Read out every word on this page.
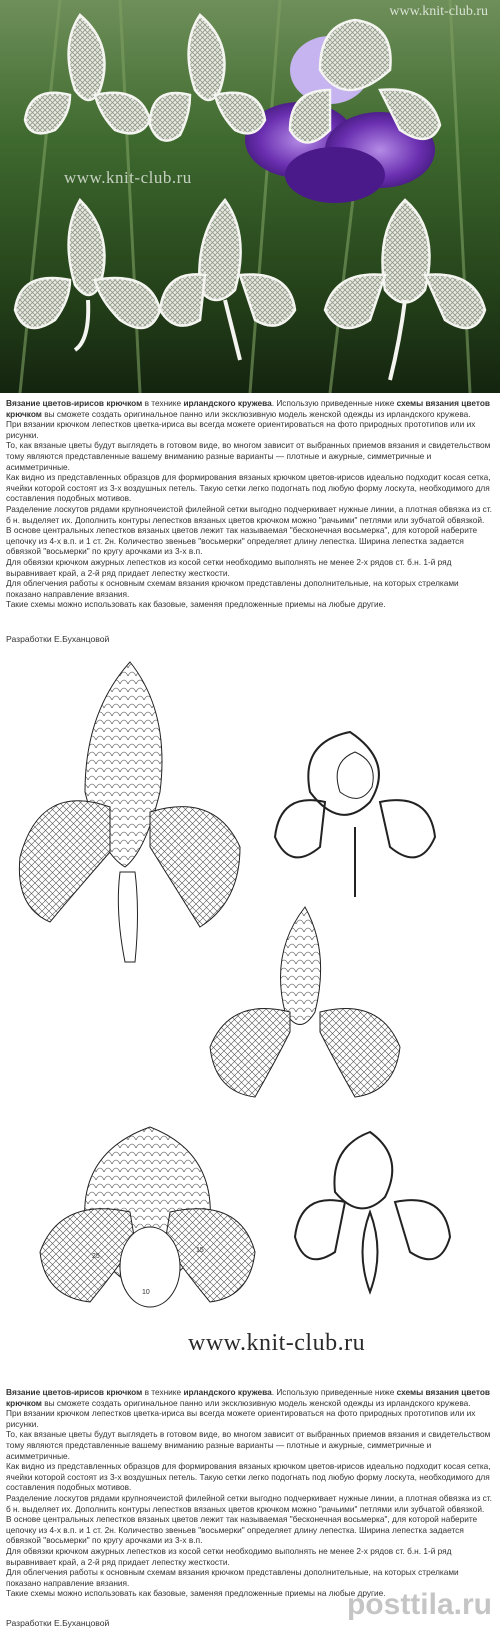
www.knit-club.ru
www.knit-club.ru

Вязание цветов-ирисов крючком в технике ирландского кружева. Использую приведенные ниже схемы вязания цветов крючком вы сможете создать оригинальное панно или эксклюзивную модель женской одежды из ирландского кружева.

При вязании крючком лепестков цветка-ириса вы всегда можете ориентироваться на фото природных прототипов или их рисунки.

То, как вязаные цветы будут выглядеть в готовом виде, во многом зависит от выбранных приемов вязания и свидетельством тому являются представленные вашему вниманию разные варианты — плотные и ажурные, симметричные и асимметричные.

Как видно из представленных образцов для формирования вязаных крючком цветов-ирисов идеально подходит косая сетка, ячейки которой состоят из 3-х воздушных петель. Такую сетки легко подогнать под любую форму лоскута, необходимого для составления подобных мотивов.

Разделение лоскутов рядами крупноячеистой филейной сетки выгодно подчеркивает нужные линии, а плотная обвязка из ст. б н. выделяет их. Дополнить контуры лепестков вязаных цветов крючком можно "рачьими" петлями или зубчатой обвязкой.

В основе центральных лепестков вязаных цветов лежит так называемая "бесконечная восьмерка", для которой наберите цепочку из 4-х в.п. и 1 ст. 2н. Количество звеньев "восьмерки" определяет длину лепестка. Ширина лепестка задается обвязкой "восьмерки" по кругу арочками из 3-х в.п.

Для обвязки крючком ажурных лепестков из косой сетки необходимо выполнять не менее 2-х рядов ст. б.н. 1-й ряд выравнивает край, а 2-й ряд придает лепестку жесткости.

Для облегчения работы к основным схемам вязания крючком представлены дополнительные, на которых стрелками показано направление вязания.

Такие схемы можно использовать как базовые, заменяя предложенные приемы на любые другие.

Разработки Е.Буханцовой
25
10
15
www.knit-club.ru

Вязание цветов-ирисов крючком в технике ирландского кружева. Использую приведенные ниже схемы вязания цветов крючком вы сможете создать оригинальное панно или эксклюзивную модель женской одежды из ирландского кружева.

При вязании крючком лепестков цветка-ириса вы всегда можете ориентироваться на фото природных прототипов или их рисунки.

То, как вязаные цветы будут выглядеть в готовом виде, во многом зависит от выбранных приемов вязания и свидетельством тому являются представленные вашему вниманию разные варианты — плотные и ажурные, симметричные и асимметричные.

Как видно из представленных образцов для формирования вязаных крючком цветов-ирисов идеально подходит косая сетка, ячейки которой состоят из 3-х воздушных петель. Такую сетки легко подогнать под любую форму лоскута, необходимого для составления подобных мотивов.

Разделение лоскутов рядами крупноячеистой филейной сетки выгодно подчеркивает нужные линии, а плотная обвязка из ст. б н. выделяет их. Дополнить контуры лепестков вязаных цветов крючком можно "рачьими" петлями или зубчатой обвязкой.

В основе центральных лепестков вязаных цветов лежит так называемая "бесконечная восьмерка", для которой наберите цепочку из 4-х в.п. и 1 ст. 2н. Количество звеньев "восьмерки" определяет длину лепестка. Ширина лепестка задается обвязкой "восьмерки" по кругу арочками из 3-х в.п.

Для обвязки крючком ажурных лепестков из косой сетки необходимо выполнять не менее 2-х рядов ст. б.н. 1-й ряд выравнивает край, а 2-й ряд придает лепестку жесткости.

Для облегчения работы к основным схемам вязания крючком представлены дополнительные, на которых стрелками показано направление вязания.

Такие схемы можно использовать как базовые, заменяя предложенные приемы на любые другие.

Разработки Е.Буханцовой
posttila.ru
